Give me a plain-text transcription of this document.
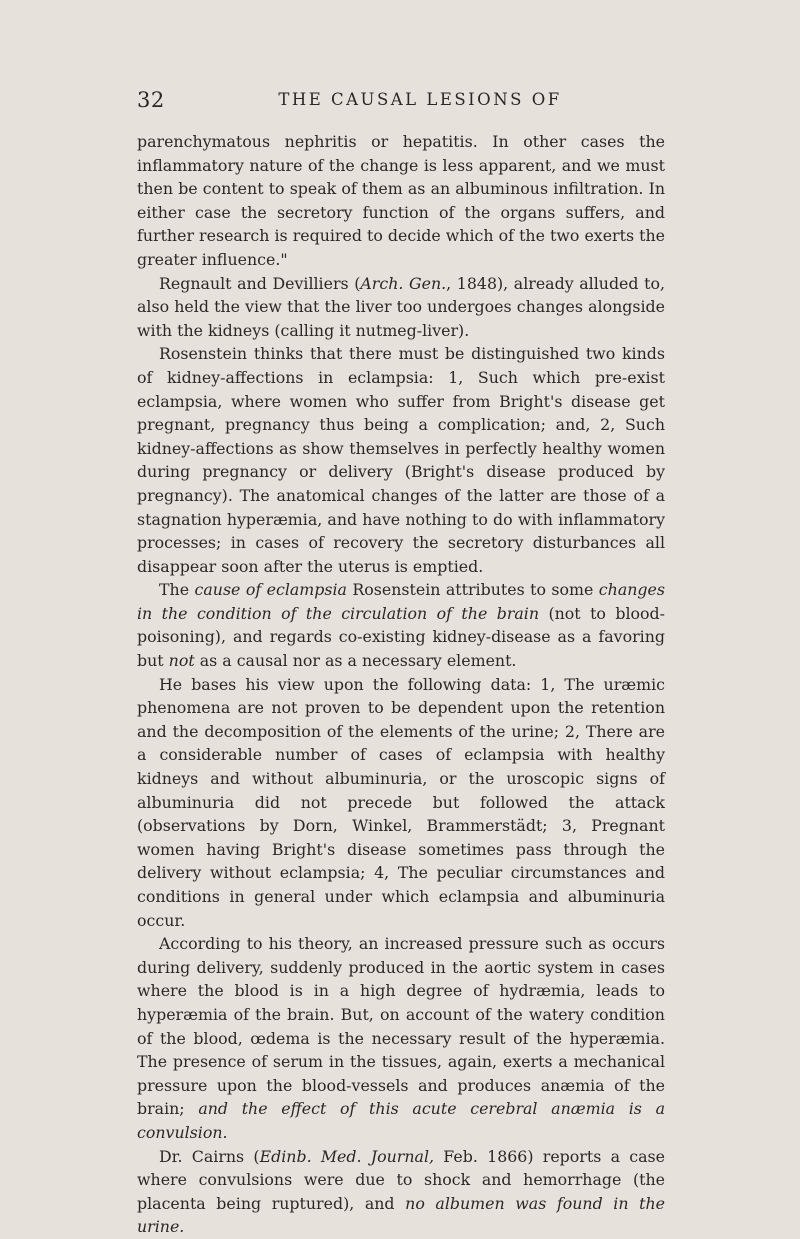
32	THE CAUSAL LESIONS OF

parenchymatous nephritis or hepatitis. In other cases the inflammatory nature of the change is less apparent, and we must then be content to speak of them as an albuminous infiltration. In either case the secretory function of the organs suffers, and further research is required to decide which of the two exerts the greater influence."

Regnault and Devilliers (Arch. Gen., 1848), already alluded to, also held the view that the liver too undergoes changes alongside with the kidneys (calling it nutmeg-liver).

Rosenstein thinks that there must be distinguished two kinds of kidney-affections in eclampsia: 1, Such which pre-exist eclampsia, where women who suffer from Bright's disease get pregnant, pregnancy thus being a complication; and, 2, Such kidney-affections as show themselves in perfectly healthy women during pregnancy or delivery (Bright's disease produced by pregnancy). The anatomical changes of the latter are those of a stagnation hyperæmia, and have nothing to do with inflammatory processes; in cases of recovery the secretory disturbances all disappear soon after the uterus is emptied.

The cause of eclampsia Rosenstein attributes to some changes in the condition of the circulation of the brain (not to blood-poisoning), and regards co-existing kidney-disease as a favoring but not as a causal nor as a necessary element.

He bases his view upon the following data: 1, The uræmic phenomena are not proven to be dependent upon the retention and the decomposition of the elements of the urine; 2, There are a considerable number of cases of eclampsia with healthy kidneys and without albuminuria, or the uroscopic signs of albuminuria did not precede but followed the attack (observations by Dorn, Winkel, Brammerstädt; 3, Pregnant women having Bright's disease sometimes pass through the delivery without eclampsia; 4, The peculiar circumstances and conditions in general under which eclampsia and albuminuria occur.

According to his theory, an increased pressure such as occurs during delivery, suddenly produced in the aortic system in cases where the blood is in a high degree of hydræmia, leads to hyperæmia of the brain. But, on account of the watery condition of the blood, œdema is the necessary result of the hyperæmia. The presence of serum in the tissues, again, exerts a mechanical pressure upon the blood-vessels and produces anæmia of the brain; and the effect of this acute cerebral anæmia is a convulsion.

Dr. Cairns (Edinb. Med. Journal, Feb. 1866) reports a case where convulsions were due to shock and hemorrhage (the placenta being ruptured), and no albumen was found in the urine.
